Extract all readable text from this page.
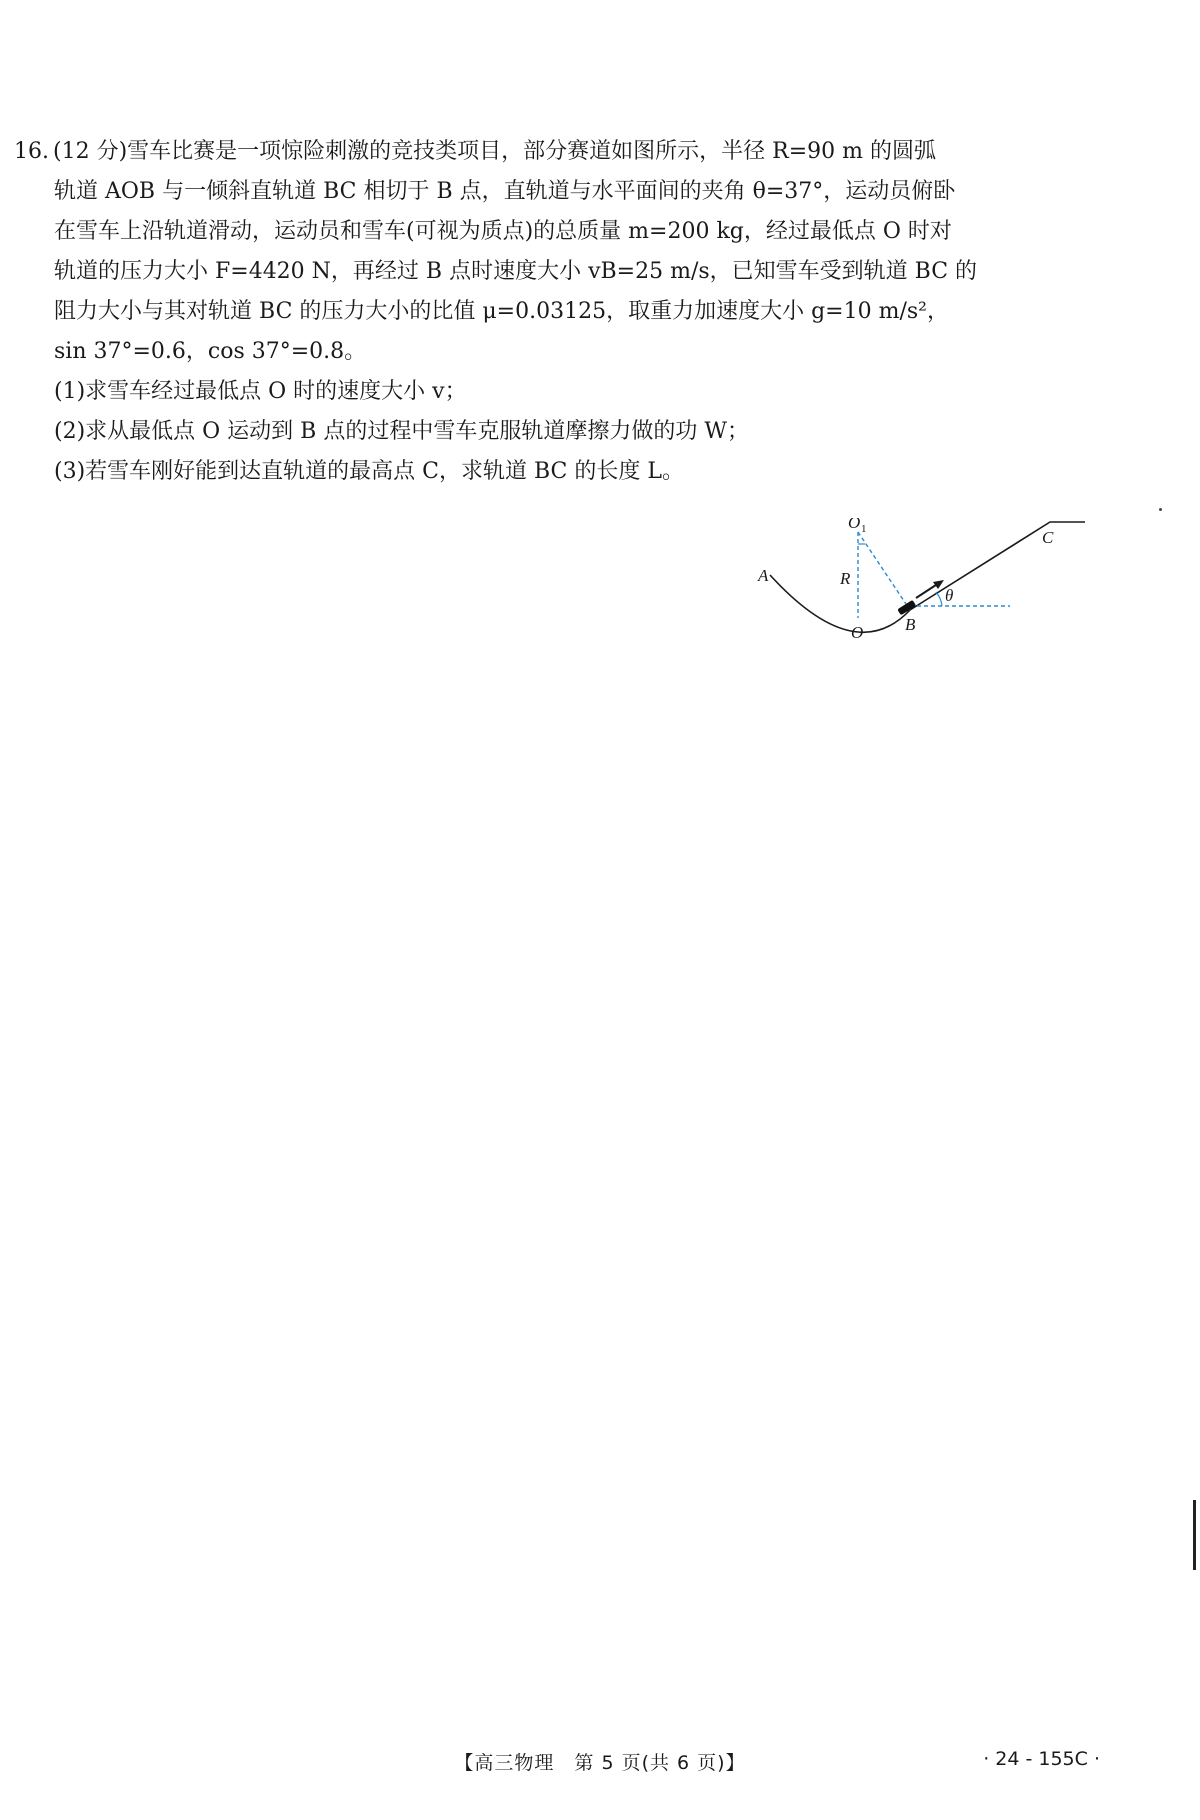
16. (12 分)雪车比赛是一项惊险刺激的竞技类项目，部分赛道如图所示，半径 R=90 m 的圆弧
轨道 AOB 与一倾斜直轨道 BC 相切于 B 点，直轨道与水平面间的夹角 θ=37°，运动员俯卧
在雪车上沿轨道滑动，运动员和雪车(可视为质点)的总质量 m=200 kg，经过最低点 O 时对
轨道的压力大小 F=4420 N，再经过 B 点时速度大小 vB=25 m/s，已知雪车受到轨道 BC 的
阻力大小与其对轨道 BC 的压力大小的比值 μ=0.03125，取重力加速度大小 g=10 m/s²，
sin 37°=0.6，cos 37°=0.8。

(1)求雪车经过最低点 O 时的速度大小 v；

(2)求从最低点 O 运动到 B 点的过程中雪车克服轨道摩擦力做的功 W；

(3)若雪车刚好能到达直轨道的最高点 C，求轨道 BC 的长度 L。

O 1
R
A
O B
C
θ
【高三物理　第 5 页(共 6 页)】	· 24 - 155C ·
